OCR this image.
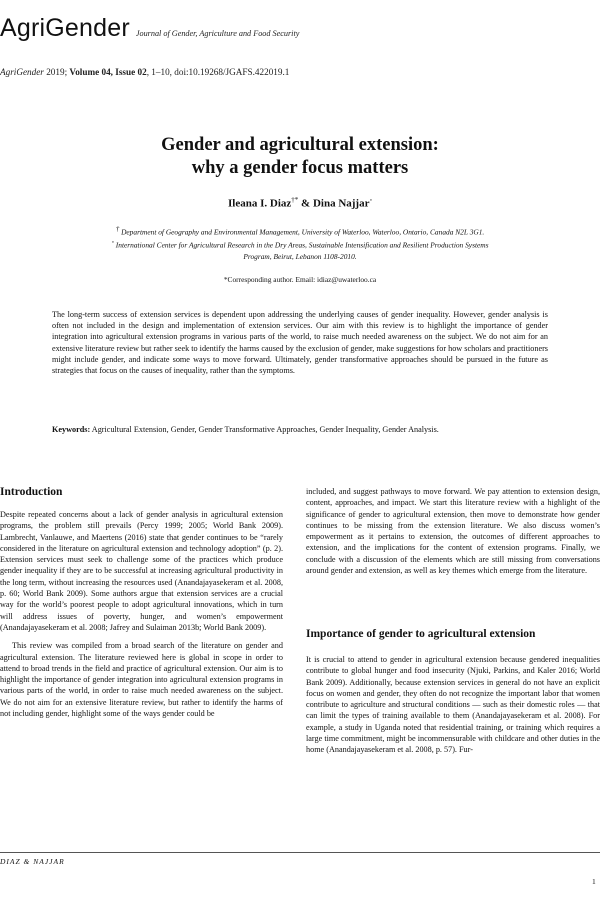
AgriGender Journal of Gender, Agriculture and Food Security
AgriGender 2019; Volume 04, Issue 02, 1–10, doi:10.19268/JGAFS.422019.1
Gender and agricultural extension:
why a gender focus matters
Ileana I. Diaz†* & Dina Najjar◦
† Department of Geography and Environmental Management, University of Waterloo, Waterloo, Ontario, Canada N2L 3G1.
◦ International Center for Agricultural Research in the Dry Areas, Sustainable Intensification and Resilient Production Systems
Program, Beirut, Lebanon 1108-2010.
*Corresponding author. Email: idiaz@uwaterloo.ca
The long-term success of extension services is dependent upon addressing the underlying causes of gender inequality. However, gender analysis is often not included in the design and implementation of extension services. Our aim with this review is to highlight the importance of gender integration into agricultural extension programs in various parts of the world, to raise much needed awareness on the subject. We do not aim for an extensive literature review but rather seek to identify the harms caused by the exclusion of gender, make suggestions for how scholars and practitioners might include gender, and indicate some ways to move forward. Ultimately, gender transformative approaches should be pursued in the future as strategies that focus on the causes of inequality, rather than the symptoms.
Keywords: Agricultural Extension, Gender, Gender Transformative Approaches, Gender Inequality, Gender Analysis.
Introduction

Despite repeated concerns about a lack of gender analysis in agricultural extension programs, the problem still prevails (Percy 1999; 2005; World Bank 2009). Lambrecht, Vanlauwe, and Maertens (2016) state that gender continues to be “rarely considered in the literature on agricultural extension and technology adoption” (p. 2). Extension services must seek to challenge some of the practices which produce gender inequality if they are to be successful at increasing agricultural productivity in the long term, without increasing the resources used (Anandajayasekeram et al. 2008, p. 60; World Bank 2009). Some authors argue that extension services are a crucial way for the world’s poorest people to adopt agricultural innovations, which in turn will address issues of poverty, hunger, and women’s empowerment (Anandajayasekeram et al. 2008; Jafrey and Sulaiman 2013b; World Bank 2009).

This review was compiled from a broad search of the literature on gender and agricultural extension. The literature reviewed here is global in scope in order to attend to broad trends in the field and practice of agricultural extension. Our aim is to highlight the importance of gender integration into agricultural extension programs in various parts of the world, in order to raise much needed awareness on the subject. We do not aim for an extensive literature review, but rather to identify the harms of not including gender, highlight some of the ways gender could be

included, and suggest pathways to move forward. We pay attention to extension design, content, approaches, and impact. We start this literature review with a highlight of the significance of gender to agricultural extension, then move to demonstrate how gender continues to be missing from the extension literature. We also discuss women’s empowerment as it pertains to extension, the outcomes of different approaches to extension, and the implications for the content of extension programs. Finally, we conclude with a discussion of the elements which are still missing from conversations around gender and extension, as well as key themes which emerge from the literature.

Importance of gender to agricultural extension

It is crucial to attend to gender in agricultural extension because gendered inequalities contribute to global hunger and food insecurity (Njuki, Parkins, and Kaler 2016; World Bank 2009). Additionally, because extension services in general do not have an explicit focus on women and gender, they often do not recognize the important labor that women contribute to agriculture and structural conditions — such as their domestic roles — that can limit the types of training available to them (Anandajayasekeram et al. 2008). For example, a study in Uganda noted that residential training, or training which requires a large time commitment, might be incommensurable with childcare and other duties in the home (Anandajayasekeram et al. 2008, p. 57). Fur-

DIAZ & NAJJAR
1
